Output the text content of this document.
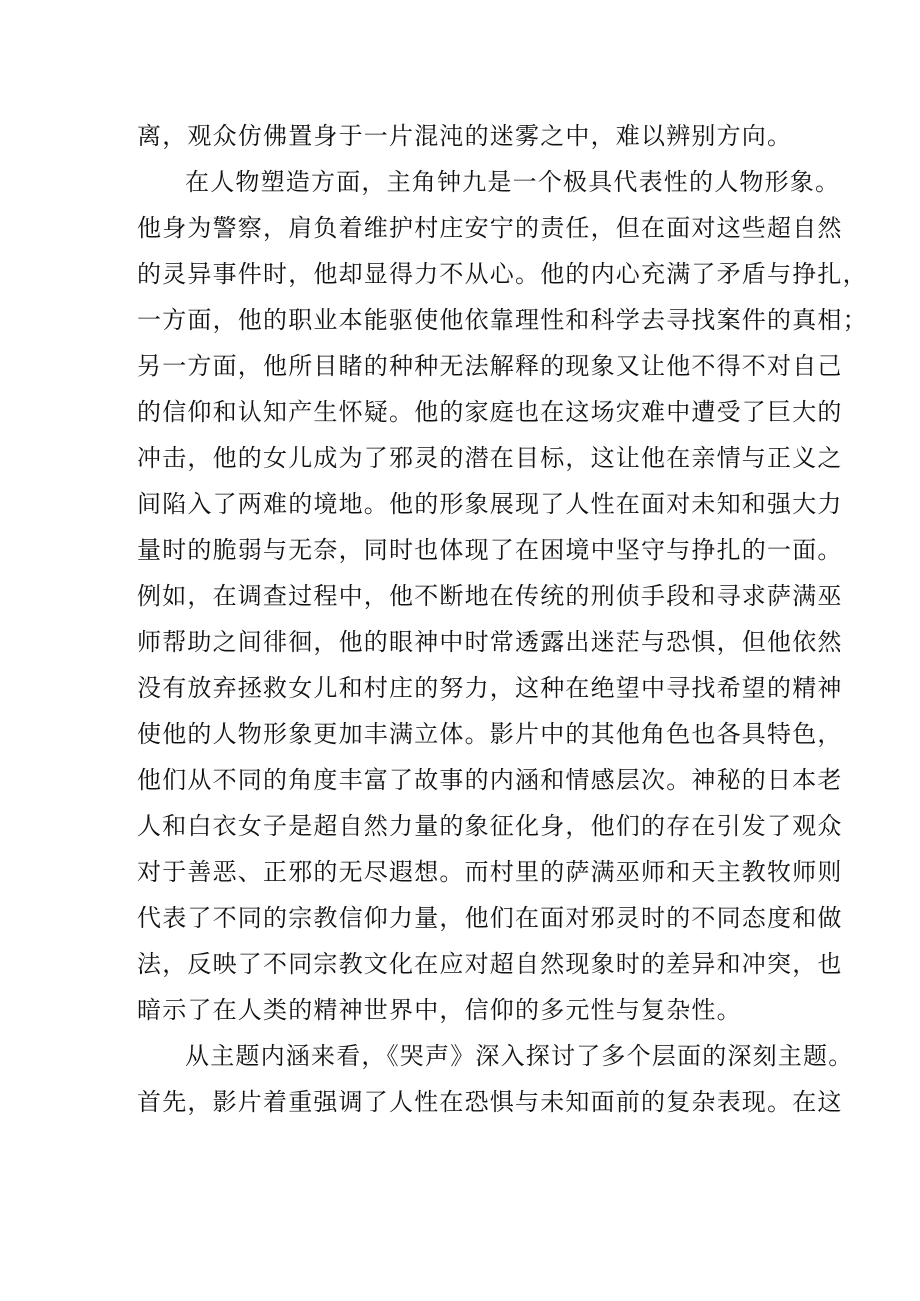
离，观众仿佛置身于一片混沌的迷雾之中，难以辨别方向。
在人物塑造方面，主角钟九是一个极具代表性的人物形象。
他身为警察，肩负着维护村庄安宁的责任，但在面对这些超自然
的灵异事件时，他却显得力不从心。他的内心充满了矛盾与挣扎，
一方面，他的职业本能驱使他依靠理性和科学去寻找案件的真相；
另一方面，他所目睹的种种无法解释的现象又让他不得不对自己
的信仰和认知产生怀疑。他的家庭也在这场灾难中遭受了巨大的
冲击，他的女儿成为了邪灵的潜在目标，这让他在亲情与正义之
间陷入了两难的境地。他的形象展现了人性在面对未知和强大力
量时的脆弱与无奈，同时也体现了在困境中坚守与挣扎的一面。
例如，在调查过程中，他不断地在传统的刑侦手段和寻求萨满巫
师帮助之间徘徊，他的眼神中时常透露出迷茫与恐惧，但他依然
没有放弃拯救女儿和村庄的努力，这种在绝望中寻找希望的精神
使他的人物形象更加丰满立体。影片中的其他角色也各具特色，
他们从不同的角度丰富了故事的内涵和情感层次。神秘的日本老
人和白衣女子是超自然力量的象征化身，他们的存在引发了观众
对于善恶、正邪的无尽遐想。而村里的萨满巫师和天主教牧师则
代表了不同的宗教信仰力量，他们在面对邪灵时的不同态度和做
法，反映了不同宗教文化在应对超自然现象时的差异和冲突，也
暗示了在人类的精神世界中，信仰的多元性与复杂性。
从主题内涵来看，《哭声》深入探讨了多个层面的深刻主题。
首先，影片着重强调了人性在恐惧与未知面前的复杂表现。在这
